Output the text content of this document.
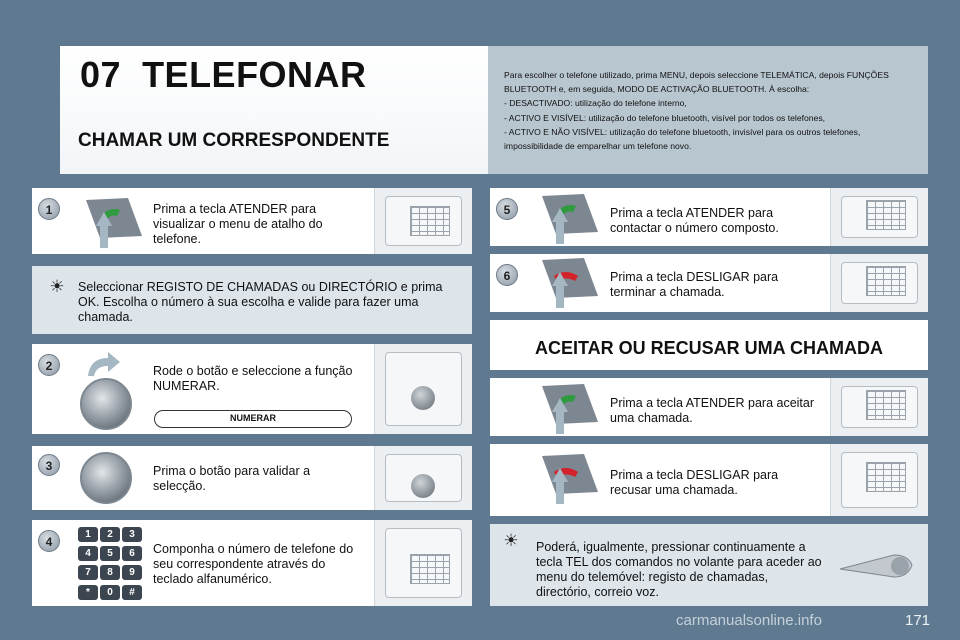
07 TELEFONAR
CHAMAR UM CORRESPONDENTE
Para escolher o telefone utilizado, prima MENU, depois seleccione TELEMÁTICA, depois FUNÇÕES
BLUETOOTH e, em seguida, MODO DE ACTIVAÇÃO BLUETOOTH. À escolha:
- DESACTIVADO: utilização do telefone interno,
- ACTIVO E VISÍVEL: utilização do telefone bluetooth, visível por todos os telefones,
- ACTIVO E NÃO VISÍVEL: utilização do telefone bluetooth, invisível para os outros telefones,
impossibilidade de emparelhar um telefone novo.
1	Prima a tecla ATENDER para visualizar o menu de atalho do telefone.
☀ Seleccionar REGISTO DE CHAMADAS ou DIRECTÓRIO e prima OK. Escolha o número à sua escolha e valide para fazer uma chamada.
2	Rode o botão e seleccione a função NUMERAR.
NUMERAR
3	Prima o botão para validar a selecção.
4
1	2	3
4	5	6
7	8	9
*	0	#
Componha o número de telefone do seu correspondente através do teclado alfanumérico.
5	Prima a tecla ATENDER para contactar o número composto.
6	Prima a tecla DESLIGAR para terminar a chamada.
ACEITAR OU RECUSAR UMA CHAMADA
Prima a tecla ATENDER para aceitar uma chamada.
Prima a tecla DESLIGAR para recusar uma chamada.
☀ Poderá, igualmente, pressionar continuamente a tecla TEL dos comandos no volante para aceder ao menu do telemóvel: registo de chamadas, directório, correio voz.
carmanualsonline.info	171
